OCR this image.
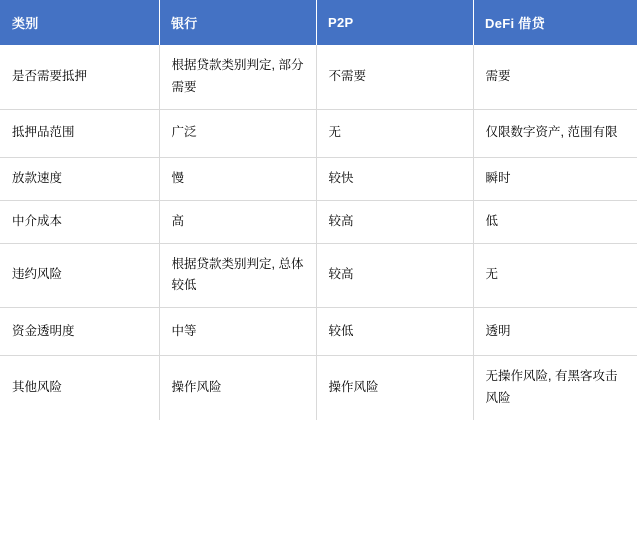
类别	银行	P2P	DeFi 借贷
是否需要抵押	根据贷款类别判定, 部分需要	不需要	需要
抵押品范围	广泛	无	仅限数字资产, 范围有限

放款速度	慢	较快	瞬时
中介成本	高	较高	低
违约风险	根据贷款类别判定, 总体较低	较高	无
资金透明度	中等	较低	透明
其他风险	操作风险	操作风险	无操作风险, 有黑客攻击风险
